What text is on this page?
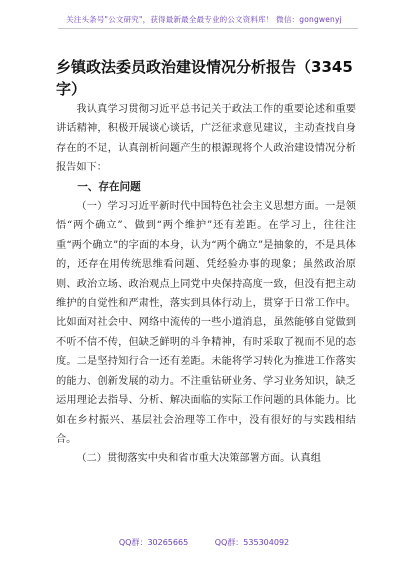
关注头条号"公文研究"，获得最新最全最专业的公文资料库！ 微信：gongwenyj
乡镇政法委员政治建设情况分析报告（3345字）

我认真学习贯彻习近平总书记关于政法工作的重要论述和重要讲话精神，积极开展谈心谈话，广泛征求意见建议，主动查找自身存在的不足，认真剖析问题产生的根源现将个人政治建设情况分析报告如下：

一、存在问题

（一）学习习近平新时代中国特色社会主义思想方面。一是领悟“两个确立”、做到“两个维护”还有差距。在学习上，往往注重“两个确立”的字面的本身，认为“两个确立”是抽象的，不是具体的，还存在用传统思维看问题、凭经验办事的现象；虽然政治原则、政治立场、政治观点上同党中央保持高度一致，但没有把主动维护的自觉性和严肃性，落实到具体行动上，贯穿于日常工作中。比如面对社会中、网络中流传的一些小道消息，虽然能够自觉做到不听不信不传，但缺乏鲜明的斗争精神，有时采取了视而不见的态度。二是坚持知行合一还有差距。未能将学习转化为推进工作落实的能力、创新发展的动力。不注重钻研业务、学习业务知识，缺乏运用理论去指导、分析、解决面临的实际工作问题的具体能力。比如在乡村振兴、基层社会治理等工作中，没有很好的与实践相结合。

（二）贯彻落实中央和省市重大决策部署方面。认真组

QQ群：30265665	QQ群：535304092
